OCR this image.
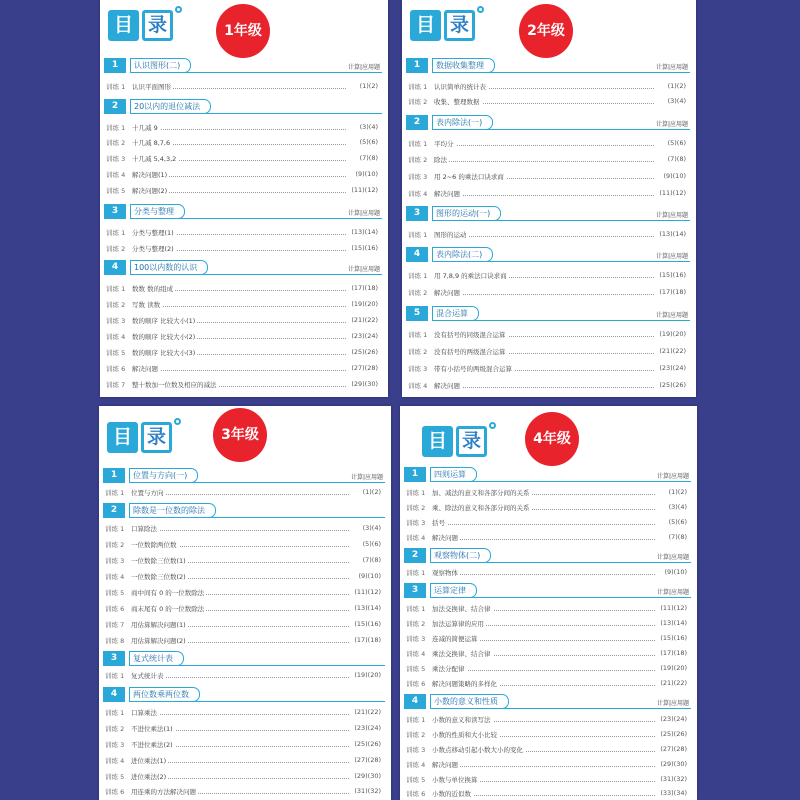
目 录	1年级
1	认识图形(二)	计算|应用题
训练 1	认识平面图形	(1)(2)
2	20以内的退位减法
训练 1	十几减 9	(3)(4)
训练 2	十几减 8,7,6	(5)(6)
训练 3	十几减 5,4,3,2	(7)(8)
训练 4	解决问题(1)	(9)(10)
训练 5	解决问题(2)	(11)(12)
3	分类与整理	计算|应用题
训练 1	分类与整理(1)	(13)(14)
训练 2	分类与整理(2)	(15)(16)
4	100以内数的认识	计算|应用题
训练 1	数数 数的组成	(17)(18)
训练 2	写数 读数	(19)(20)
训练 3	数的顺序 比较大小(1)	(21)(22)
训练 4	数的顺序 比较大小(2)	(23)(24)
训练 5	数的顺序 比较大小(3)	(25)(26)
训练 6	解决问题	(27)(28)
训练 7	整十数加一位数及相应的减法	(29)(30)
目 录	2年级
1	数据收集整理	计算|应用题
训练 1	认识简单的统计表	(1)(2)
训练 2	收集、整理数据	(3)(4)
2	表内除法(一)	计算|应用题
训练 1	平均分	(5)(6)
训练 2	除法	(7)(8)
训练 3	用 2~6 的乘法口诀求商	(9)(10)
训练 4	解决问题	(11)(12)
3	图形的运动(一)	计算|应用题
训练 1	图形的运动	(13)(14)
4	表内除法(二)	计算|应用题
训练 1	用 7,8,9 的乘法口诀求商	(15)(16)
训练 2	解决问题	(17)(18)
5	混合运算	计算|应用题
训练 1	没有括号的同级混合运算	(19)(20)
训练 2	没有括号的两级混合运算	(21)(22)
训练 3	带有小括号的两级混合运算	(23)(24)
训练 4	解决问题	(25)(26)
目 录	3年级
1	位置与方向(一)	计算|应用题
训练 1	位置与方向	(1)(2)
2	除数是一位数的除法
训练 1	口算除法	(3)(4)
训练 2	一位数除两位数	(5)(6)
训练 3	一位数除三位数(1)	(7)(8)
训练 4	一位数除三位数(2)	(9)(10)
训练 5	商中间有 0 的一位数除法	(11)(12)
训练 6	商末尾有 0 的一位数除法	(13)(14)
训练 7	用估算解决问题(1)	(15)(16)
训练 8	用估算解决问题(2)	(17)(18)
3	复式统计表
训练 1	复式统计表	(19)(20)
4	两位数乘两位数
训练 1	口算乘法	(21)(22)
训练 2	不进位乘法(1)	(23)(24)
训练 3	不进位乘法(2)	(25)(26)
训练 4	进位乘法(1)	(27)(28)
训练 5	进位乘法(2)	(29)(30)
训练 6	用连乘的方法解决问题	(31)(32)
目 录	4年级
1	四则运算	计算|应用题
训练 1	加、减法的意义和各部分间的关系	(1)(2)
训练 2	乘、除法的意义和各部分间的关系	(3)(4)
训练 3	括号	(5)(6)
训练 4	解决问题	(7)(8)
2	观察物体(二)	计算|应用题
训练 1	观察物体	(9)(10)
3	运算定律	计算|应用题
训练 1	加法交换律、结合律	(11)(12)
训练 2	加法运算律的应用	(13)(14)
训练 3	连减的简便运算	(15)(16)
训练 4	乘法交换律、结合律	(17)(18)
训练 5	乘法分配律	(19)(20)
训练 6	解决问题策略的多样化	(21)(22)
4	小数的意义和性质	计算|应用题
训练 1	小数的意义和读写法	(23)(24)
训练 2	小数的性质和大小比较	(25)(26)
训练 3	小数点移动引起小数大小的变化	(27)(28)
训练 4	解决问题	(29)(30)
训练 5	小数与单位换算	(31)(32)
训练 6	小数的近似数	(33)(34)
